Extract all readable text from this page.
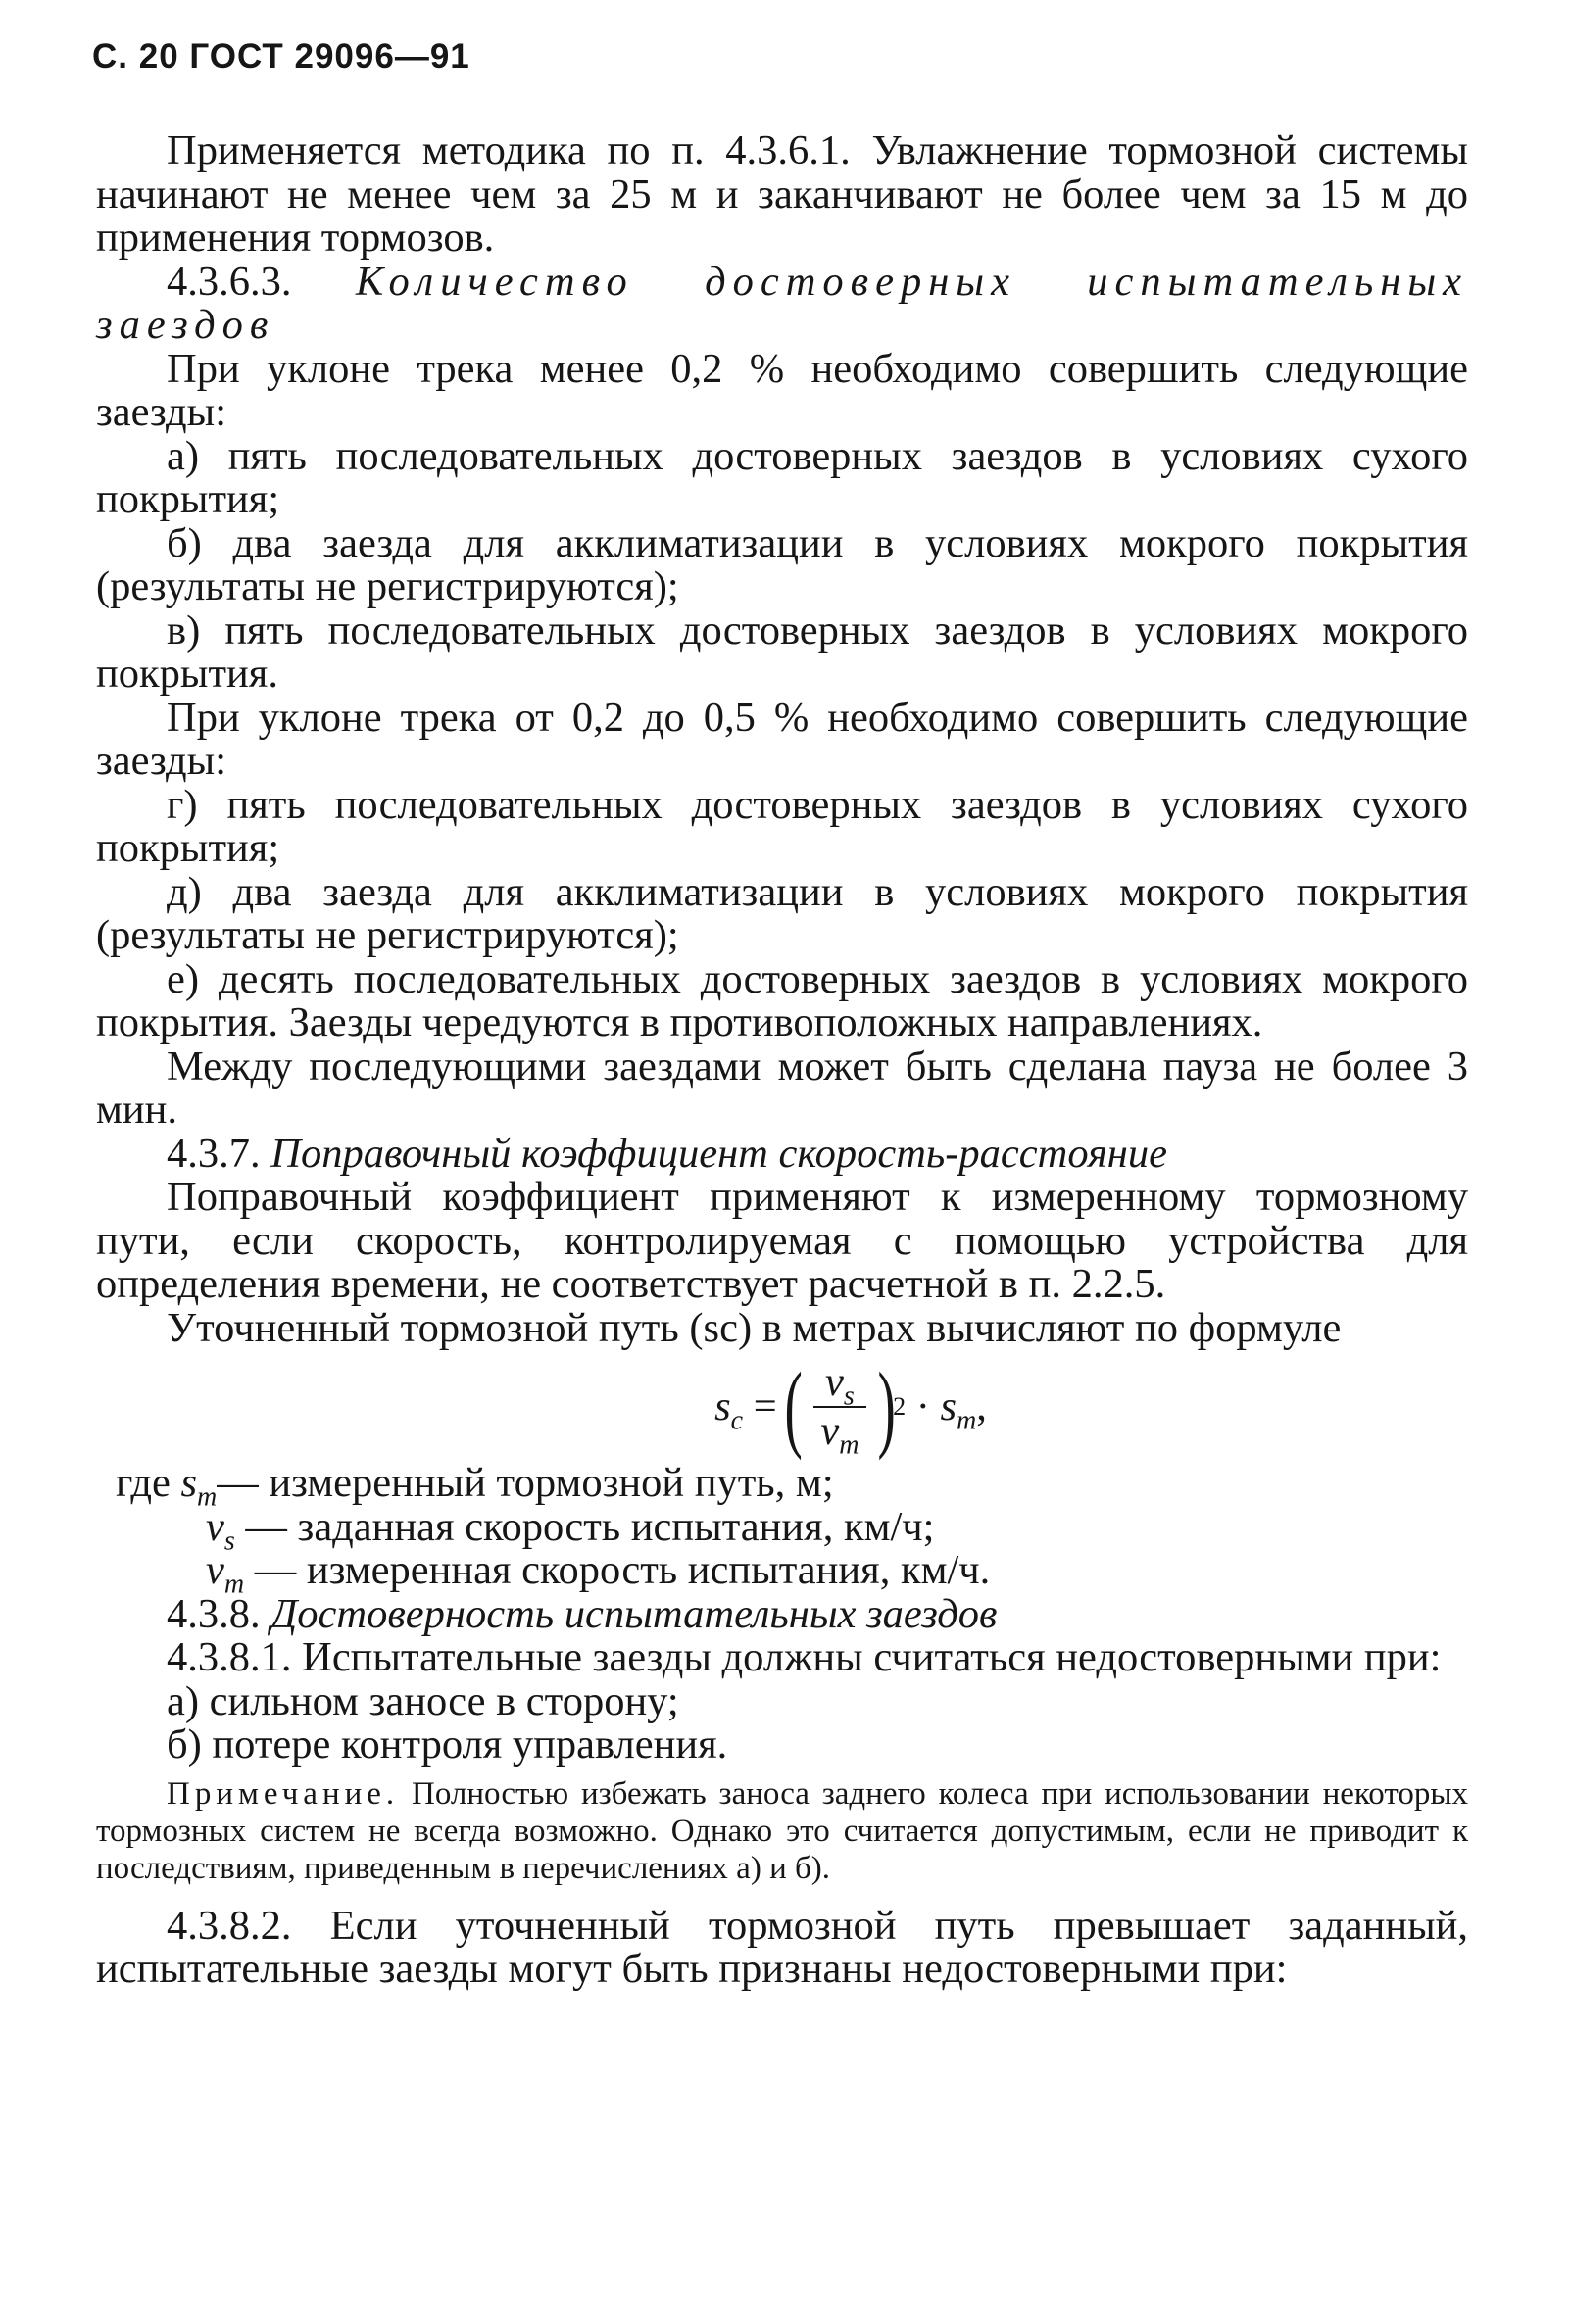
С. 20 ГОСТ 29096—91

Применяется методика по п. 4.3.6.1. Увлажнение тормозной системы начинают не менее чем за 25 м и заканчивают не более чем за 15 м до применения тормозов.

4.3.6.3. Количество достоверных испытательных заездов

При уклоне трека менее 0,2 % необходимо совершить следующие заезды:

а) пять последовательных достоверных заездов в условиях сухого покрытия;

б) два заезда для акклиматизации в условиях мокрого покрытия (результаты не регистрируются);

в) пять последовательных достоверных заездов в условиях мокрого покрытия.

При уклоне трека от 0,2 до 0,5 % необходимо совершить следующие заезды:

г) пять последовательных достоверных заездов в условиях сухого покрытия;

д) два заезда для акклиматизации в условиях мокрого покрытия (результаты не регистрируются);

е) десять последовательных достоверных заездов в условиях мокрого покрытия. Заезды чередуются в противоположных направлениях.

Между последующими заездами может быть сделана пауза не более 3 мин.

4.3.7. Поправочный коэффициент скорость-расстояние

Поправочный коэффициент применяют к измеренному тормозному пути, если скорость, контролируемая с помощью устройства для определения времени, не соответствует расчетной в п. 2.2.5.

Уточненный тормозной путь (sc) в метрах вычисляют по формуле

$s_c$ = ( $\frac{v_s}{v_m}$ )
$2 \cdot s_m$ ,
где
$s_m$ — измеренный тормозной путь, м;
$v_s$
— заданная скорость испытания, км/ч;
$v_m$
— измеренная скорость испытания, км/ч.

4.3.8. Достоверность испытательных заездов

4.3.8.1. Испытательные заезды должны считаться недостоверными при:

а) сильном заносе в сторону;

б) потере контроля управления.

Примечание. Полностью избежать заноса заднего колеса при использовании некоторых тормозных систем не всегда возможно. Однако это считается допустимым, если не приводит к последствиям, приведенным в перечислениях а) и б).

4.3.8.2. Если уточненный тормозной путь превышает заданный, испытательные заезды могут быть признаны недостоверными при:
